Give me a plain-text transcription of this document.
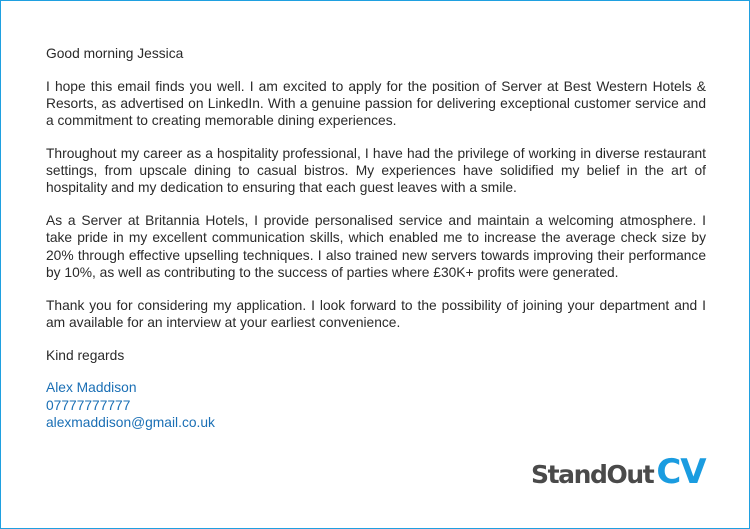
Good morning Jessica

I hope this email finds you well. I am excited to apply for the position of Server at Best Western Hotels & Resorts, as advertised on LinkedIn. With a genuine passion for delivering exceptional customer service and a commitment to creating memorable dining experiences.

Throughout my career as a hospitality professional, I have had the privilege of working in diverse restaurant settings, from upscale dining to casual bistros. My experiences have solidified my belief in the art of hospitality and my dedication to ensuring that each guest leaves with a smile.

As a Server at Britannia Hotels, I provide personalised service and maintain a welcoming atmosphere. I take pride in my excellent communication skills, which enabled me to increase the average check size by 20% through effective upselling techniques. I also trained new servers towards improving their performance by 10%, as well as contributing to the success of parties where £30K+ profits were generated.

Thank you for considering my application. I look forward to the possibility of joining your department and I am available for an interview at your earliest convenience.

Kind regards

Alex Maddison
07777777777
alexmaddison@gmail.co.uk
StandOutCV
